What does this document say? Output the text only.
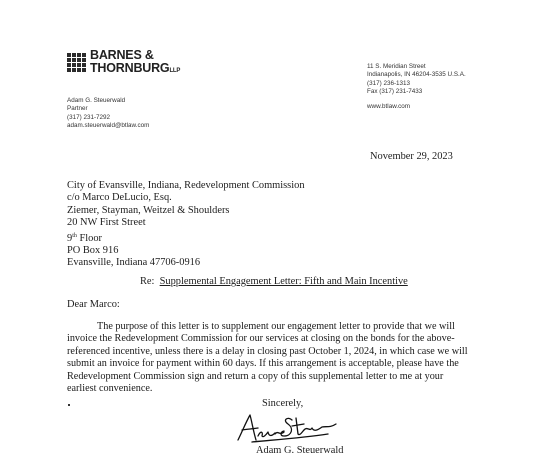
BARNES &
THORNBURGLLP
11 S. Meridian Street
Indianapolis, IN 46204-3535 U.S.A.
(317) 236-1313
Fax (317) 231-7433
www.btlaw.com
Adam G. Steuerwald
Partner
(317) 231-7292
adam.steuerwald@btlaw.com
November 29, 2023
City of Evansville, Indiana, Redevelopment Commission
c/o Marco DeLucio, Esq.
Ziemer, Stayman, Weitzel & Shoulders
20 NW First Street
9th Floor
PO Box 916
Evansville, Indiana 47706-0916
Re: Supplemental Engagement Letter: Fifth and Main Incentive
Dear Marco:
The purpose of this letter is to supplement our engagement letter to provide that we will
invoice the Redevelopment Commission for our services at closing on the bonds for the above-
referenced incentive, unless there is a delay in closing past October 1, 2024, in which case we will
submit an invoice for payment within 60 days. If this arrangement is acceptable, please have the
Redevelopment Commission sign and return a copy of this supplemental letter to me at your
earliest convenience.
Sincerely,
Adam G. Steuerwald
